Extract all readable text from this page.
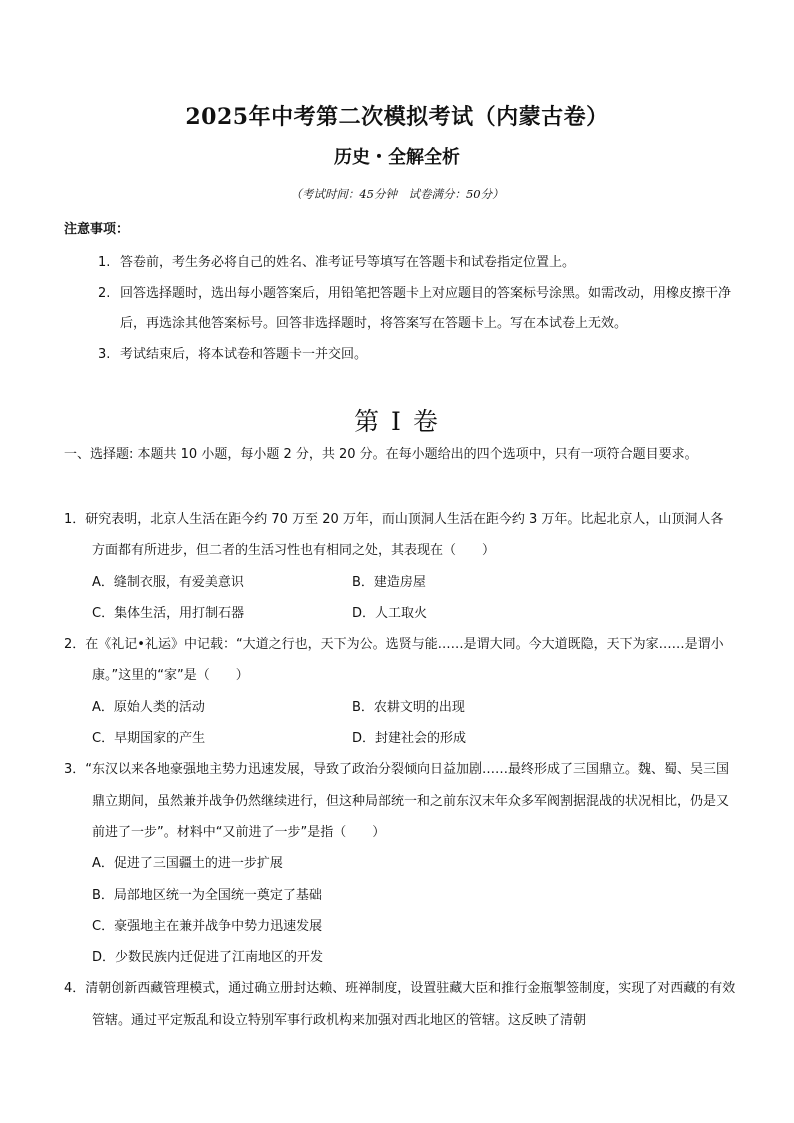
2025年中考第二次模拟考试（内蒙古卷）
历史・全解全析
（考试时间：45分钟　试卷满分：50分）
注意事项：
1. 答卷前，考生务必将自己的姓名、准考证号等填写在答题卡和试卷指定位置上。
2. 回答选择题时，选出每小题答案后，用铅笔把答题卡上对应题目的答案标号涂黑。如需改动，用橡皮擦干净后，再选涂其他答案标号。回答非选择题时，将答案写在答题卡上。写在本试卷上无效。
3. 考试结束后，将本试卷和答题卡一并交回。
第 I 卷
一、选择题: 本题共 10 小题，每小题 2 分，共 20 分。在每小题给出的四个选项中，只有一项符合题目要求。
1．研究表明，北京人生活在距今约 70 万至 20 万年，而山顶洞人生活在距今约 3 万年。比起北京人，山顶洞人各方面都有所进步，但二者的生活习性也有相同之处，其表现在（　　）
A．缝制衣服，有爱美意识	B．建造房屋
C．集体生活，用打制石器	D．人工取火
2．在《礼记•礼运》中记载：“大道之行也，天下为公。选贤与能……是谓大同。今大道既隐，天下为家……是谓小康。”这里的“家”是（　　）
A．原始人类的活动	B．农耕文明的出现
C．早期国家的产生	D．封建社会的形成
3．“东汉以来各地豪强地主势力迅速发展，导致了政治分裂倾向日益加剧……最终形成了三国鼎立。魏、蜀、吴三国鼎立期间，虽然兼并战争仍然继续进行，但这种局部统一和之前东汉末年众多军阀割据混战的状况相比，仍是又前进了一步”。材料中“又前进了一步”是指（　　）
A．促进了三国疆土的进一步扩展
B．局部地区统一为全国统一奠定了基础
C．豪强地主在兼并战争中势力迅速发展
D．少数民族内迁促进了江南地区的开发
4．清朝创新西藏管理模式，通过确立册封达赖、班禅制度，设置驻藏大臣和推行金瓶掣签制度，实现了对西藏的有效管辖。通过平定叛乱和设立特别军事行政机构来加强对西北地区的管辖。这反映了清朝
